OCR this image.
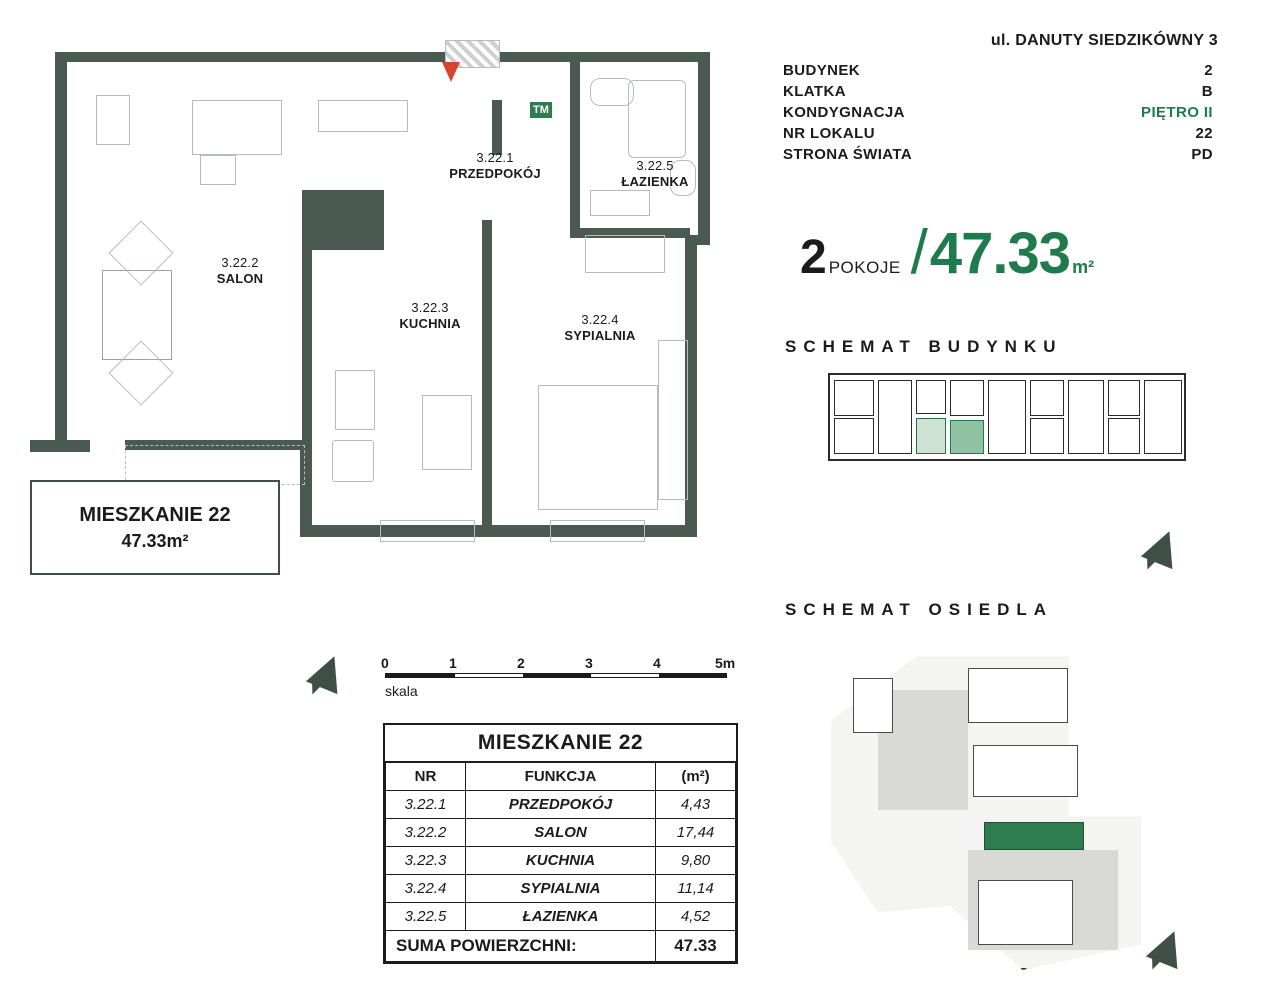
TM
3.22.1
PRZEDPOKÓJ
3.22.2
SALON
3.22.3
KUCHNIA	3.22.4
SYPIALNIA
3.22.5
ŁAZIENKA
MIESZKANIE 22
47.33m²
ul. DANUTY SIEDZIKÓWNY 3
BUDYNEK	2
KLATKA	B
KONDYGNACJA	PIĘTRO II
NR LOKALU	22
STRONA ŚWIATA	PD
2 POKOJE / 47.33 m²
SCHEMAT BUDYNKU
SCHEMAT OSIEDLA
0	1	2	3	4	5m
skala
MIESZKANIE 22
NR	FUNKCJA	(m²)
3.22.1	PRZEDPOKÓJ	4,43
3.22.2	SALON	17,44
3.22.3	KUCHNIA	9,80
3.22.4	SYPIALNIA	11,14
3.22.5	ŁAZIENKA	4,52
SUMA POWIERZCHNI:		47.33
